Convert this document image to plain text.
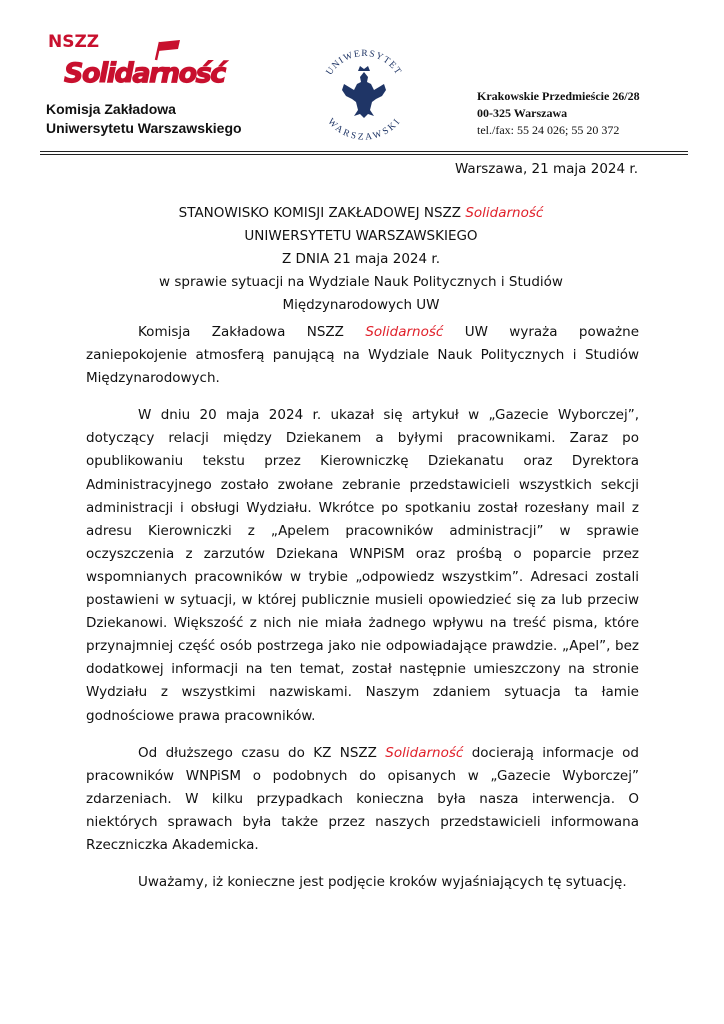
NSZZ
Solidarność
Komisja Zakładowa
Uniwersytetu Warszawskiego
UNIWERSYTET
WARSZAWSKI
Krakowskie Przedmieście 26/28
00-325 Warszawa
tel./fax: 55 24 026; 55 20 372
Warszawa, 21 maja 2024 r.
STANOWISKO KOMISJI ZAKŁADOWEJ NSZZ Solidarność
UNIWERSYTETU WARSZAWSKIEGO
Z DNIA 21 maja 2024 r.
w sprawie sytuacji na Wydziale Nauk Politycznych i Studiów
Międzynarodowych UW

Komisja Zakładowa NSZZ Solidarność UW wyraża poważne zaniepokojenie atmosferą panującą na Wydziale Nauk Politycznych i Studiów Międzynarodowych.

W dniu 20 maja 2024 r. ukazał się artykuł w „Gazecie Wyborczej”, dotyczący relacji między Dziekanem a byłymi pracownikami. Zaraz po opublikowaniu tekstu przez Kierowniczkę Dziekanatu oraz Dyrektora Administracyjnego zostało zwołane zebranie przedstawicieli wszystkich sekcji administracji i obsługi Wydziału. Wkrótce po spotkaniu został rozesłany mail z adresu Kierowniczki z „Apelem pracowników administracji” w sprawie oczyszczenia z zarzutów Dziekana WNPiSM oraz prośbą o poparcie przez wspomnianych pracowników w trybie „odpowiedz wszystkim”. Adresaci zostali postawieni w sytuacji, w której publicznie musieli opowiedzieć się za lub przeciw Dziekanowi. Większość z nich nie miała żadnego wpływu na treść pisma, które przynajmniej część osób postrzega jako nie odpowiadające prawdzie. „Apel”, bez dodatkowej informacji na ten temat, został następnie umieszczony na stronie Wydziału z wszystkimi nazwiskami. Naszym zdaniem sytuacja ta łamie godnościowe prawa pracowników.

Od dłuższego czasu do KZ NSZZ Solidarność docierają informacje od pracowników WNPiSM o podobnych do opisanych w „Gazecie Wyborczej” zdarzeniach. W kilku przypadkach konieczna była nasza interwencja. O niektórych sprawach była także przez naszych przedstawicieli informowana Rzeczniczka Akademicka.

Uważamy, iż konieczne jest podjęcie kroków wyjaśniających tę sytuację.
